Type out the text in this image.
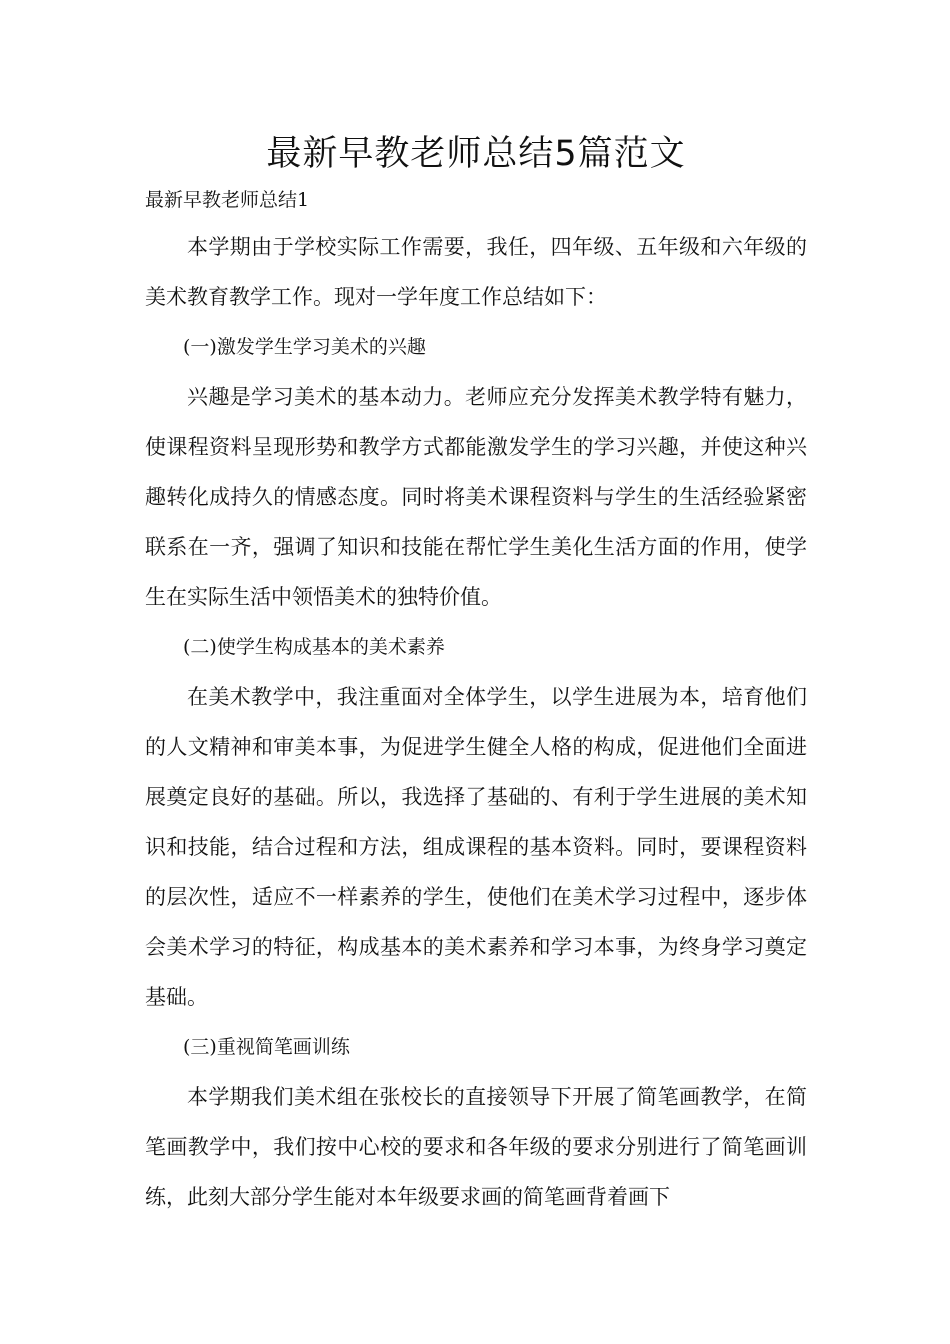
最新早教老师总结5篇范文

最新早教老师总结1

本学期由于学校实际工作需要，我任，四年级、五年级和六年级的美术教育教学工作。现对一学年度工作总结如下：

(一)激发学生学习美术的兴趣

兴趣是学习美术的基本动力。老师应充分发挥美术教学特有魅力，使课程资料呈现形势和教学方式都能激发学生的学习兴趣，并使这种兴趣转化成持久的情感态度。同时将美术课程资料与学生的生活经验紧密联系在一齐，强调了知识和技能在帮忙学生美化生活方面的作用，使学生在实际生活中领悟美术的独特价值。

(二)使学生构成基本的美术素养

在美术教学中，我注重面对全体学生，以学生进展为本，培育他们的人文精神和审美本事，为促进学生健全人格的构成，促进他们全面进展奠定良好的基础。所以，我选择了基础的、有利于学生进展的美术知识和技能，结合过程和方法，组成课程的基本资料。同时，要课程资料的层次性，适应不一样素养的学生，使他们在美术学习过程中，逐步体会美术学习的特征，构成基本的美术素养和学习本事，为终身学习奠定基础。

(三)重视简笔画训练

本学期我们美术组在张校长的直接领导下开展了简笔画教学，在简笔画教学中，我们按中心校的要求和各年级的要求分别进行了简笔画训练，此刻大部分学生能对本年级要求画的简笔画背着画下
